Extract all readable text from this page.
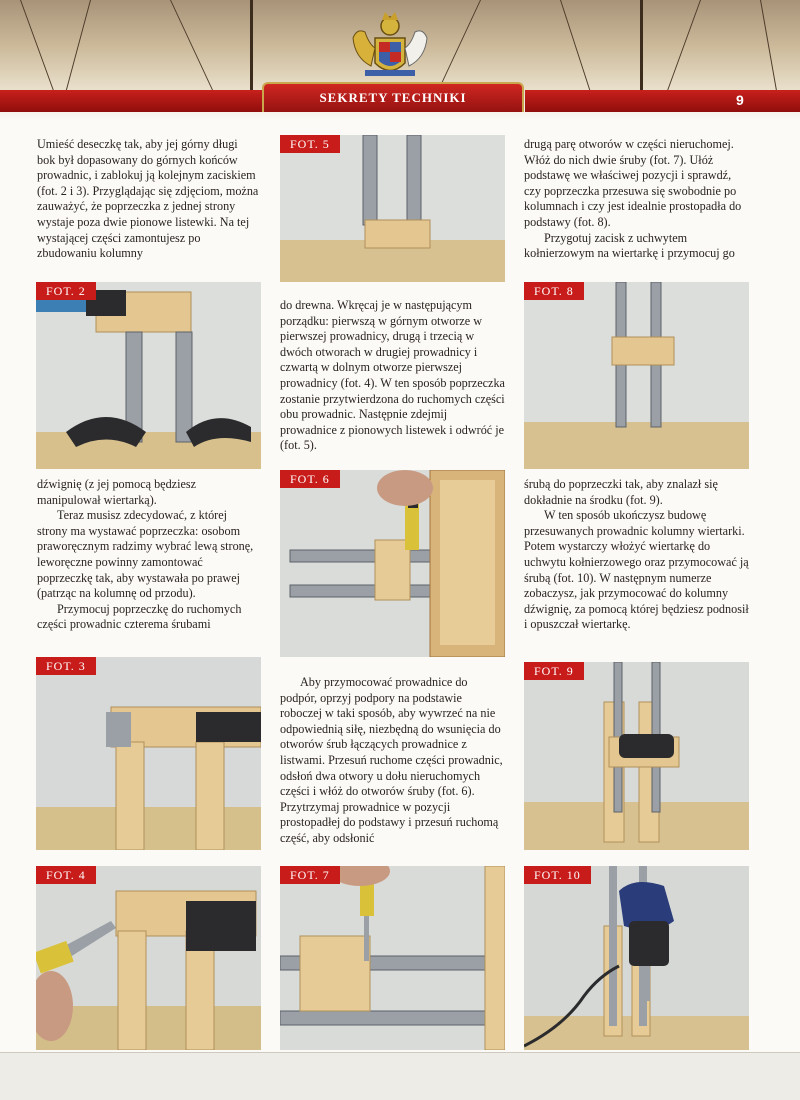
SEKRETY TECHNIKI	9

Umieść deseczkę tak, aby jej górny długi bok był dopasowany do górnych końców prowadnic, i zablokuj ją kolejnym zaciskiem (fot. 2 i 3). Przyglądając się zdjęciom, można zauważyć, że poprzeczka z jednej strony wystaje poza dwie pionowe listewki. Na tej wystającej części zamontujesz po zbudowaniu kolumny

FOT. 2

dźwignię (z jej pomocą będziesz manipulował wiertarką).

Teraz musisz zdecydować, z której strony ma wystawać poprzeczka: osobom praworęcznym radzimy wybrać lewą stronę, leworęczne powinny zamontować poprzeczkę tak, aby wystawała po prawej (patrząc na kolumnę od przodu).

Przymocuj poprzeczkę do ruchomych części prowadnic czterema śrubami

FOT. 3
FOT. 4
FOT. 5

do drewna. Wkręcaj je w następującym porządku: pierwszą w górnym otworze w pierwszej prowadnicy, drugą i trzecią w dwóch otworach w drugiej prowadnicy i czwartą w dolnym otworze pierwszej prowadnicy (fot. 4). W ten sposób poprzeczka zostanie przytwierdzona do ruchomych części obu prowadnic. Następnie zdejmij prowadnice z pionowych listewek i odwróć je (fot. 5).

FOT. 6

Aby przymocować prowadnice do podpór, oprzyj podpory na podstawie roboczej w taki sposób, aby wywrzeć na nie odpowiednią siłę, niezbędną do wsunięcia do otworów śrub łączących prowadnice z listwami. Przesuń ruchome części prowadnic, odsłoń dwa otwory u dołu nieruchomych części i włóż do otworów śruby (fot. 6). Przytrzymaj prowadnice w pozycji prostopadłej do podstawy i przesuń ruchomą część, aby odsłonić

FOT. 7

drugą parę otworów w części nieruchomej. Włóż do nich dwie śruby (fot. 7). Ułóż podstawę we właściwej pozycji i sprawdź, czy poprzeczka przesuwa się swobodnie po kolumnach i czy jest idealnie prostopadła do podstawy (fot. 8).

Przygotuj zacisk z uchwytem kołnierzowym na wiertarkę i przymocuj go

FOT. 8

śrubą do poprzeczki tak, aby znalazł się dokładnie na środku (fot. 9).

W ten sposób ukończysz budowę przesuwanych prowadnic kolumny wiertarki. Potem wystarczy włożyć wiertarkę do uchwytu kołnierzowego oraz przymocować ją śrubą (fot. 10). W następnym numerze zobaczysz, jak przymocować do kolumny dźwignię, za pomocą której będziesz podnosił i opuszczał wiertarkę.

FOT. 9
FOT. 10
